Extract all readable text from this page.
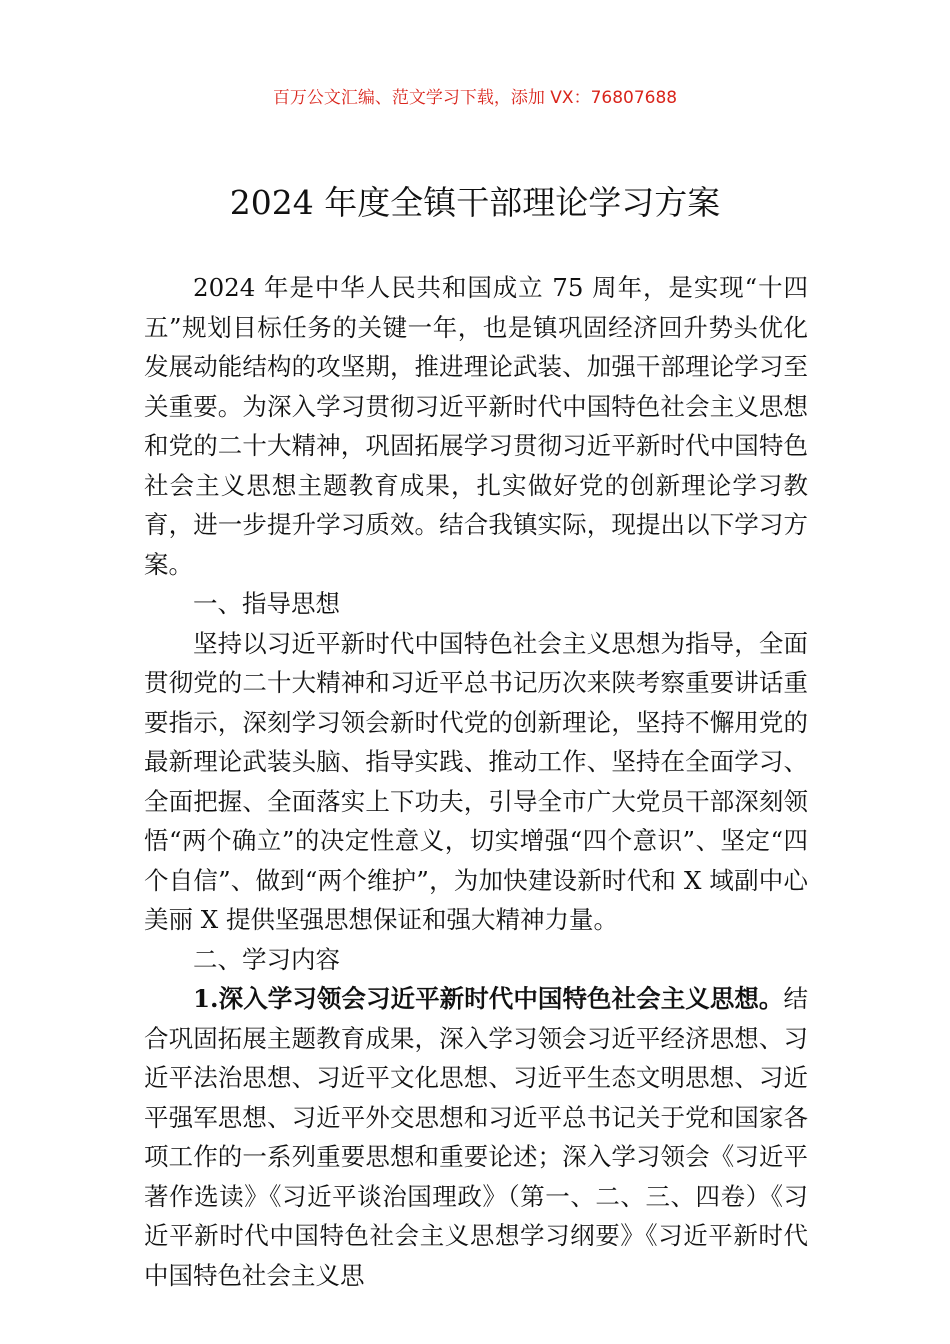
百万公文汇编、范文学习下载，添加 VX：76807688
2024 年度全镇干部理论学习方案

2024 年是中华人民共和国成立 75 周年，是实现“十四五”规划目标任务的关键一年，也是镇巩固经济回升势头优化发展动能结构的攻坚期，推进理论武装、加强干部理论学习至关重要。为深入学习贯彻习近平新时代中国特色社会主义思想和党的二十大精神，巩固拓展学习贯彻习近平新时代中国特色社会主义思想主题教育成果，扎实做好党的创新理论学习教育，进一步提升学习质效。结合我镇实际，现提出以下学习方案。

一、指导思想

坚持以习近平新时代中国特色社会主义思想为指导，全面贯彻党的二十大精神和习近平总书记历次来陕考察重要讲话重要指示，深刻学习领会新时代党的创新理论，坚持不懈用党的最新理论武装头脑、指导实践、推动工作、坚持在全面学习、全面把握、全面落实上下功夫，引导全市广大党员干部深刻领悟“两个确立”的决定性意义，切实增强“四个意识”、坚定“四个自信”、做到“两个维护”，为加快建设新时代和 X 域副中心美丽 X 提供坚强思想保证和强大精神力量。

二、学习内容

1.深入学习领会习近平新时代中国特色社会主义思想。结合巩固拓展主题教育成果，深入学习领会习近平经济思想、习近平法治思想、习近平文化思想、习近平生态文明思想、习近平强军思想、习近平外交思想和习近平总书记关于党和国家各项工作的一系列重要思想和重要论述；深入学习领会《习近平著作选读》《习近平谈治国理政》（第一、二、三、四卷）《习近平新时代中国特色社会主义思想学习纲要》《习近平新时代中国特色社会主义思
